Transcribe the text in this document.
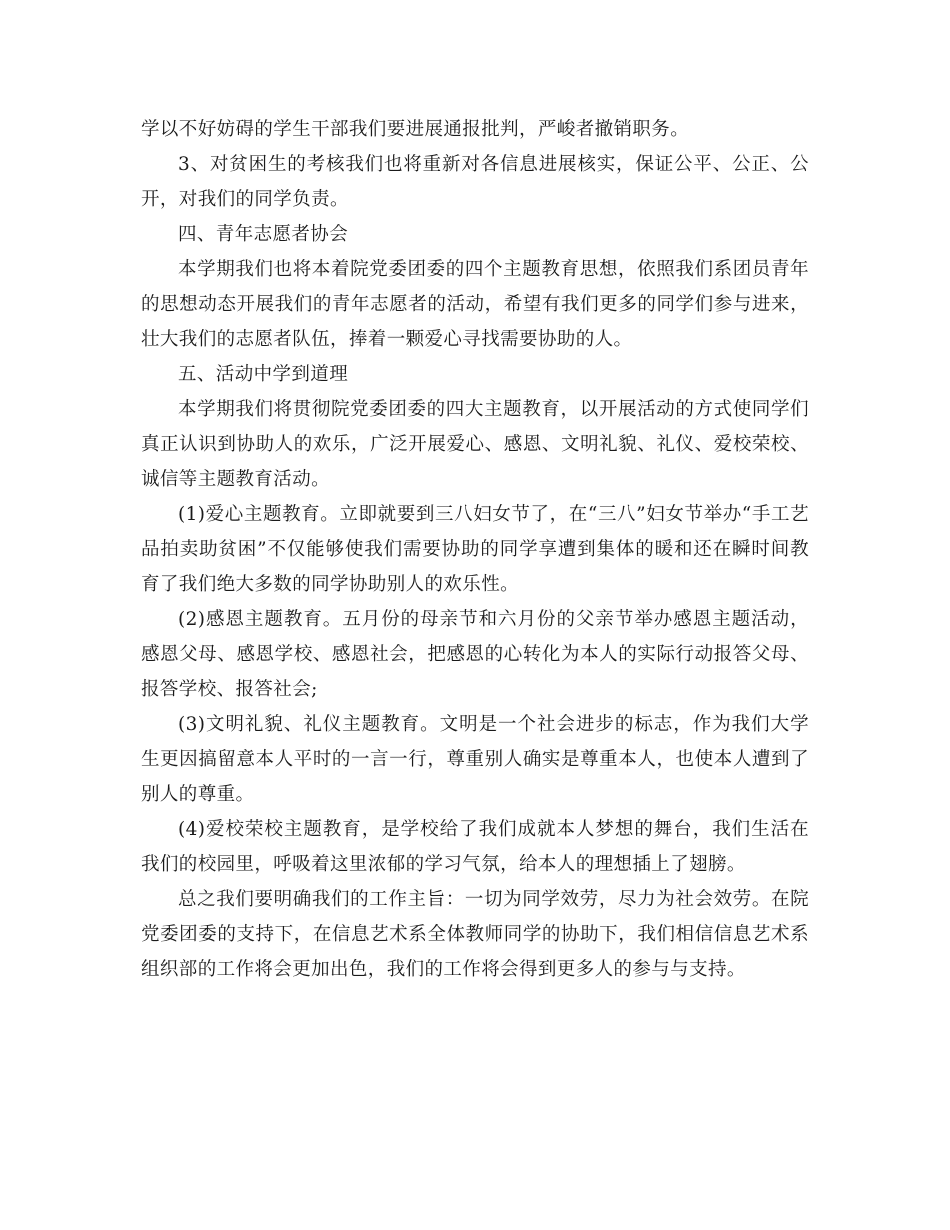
学以不好妨碍的学生干部我们要进展通报批判，严峻者撤销职务。

3、对贫困生的考核我们也将重新对各信息进展核实，保证公平、公正、公开，对我们的同学负责。

四、青年志愿者协会

本学期我们也将本着院党委团委的四个主题教育思想，依照我们系团员青年的思想动态开展我们的青年志愿者的活动，希望有我们更多的同学们参与进来，壮大我们的志愿者队伍，捧着一颗爱心寻找需要协助的人。

五、活动中学到道理

本学期我们将贯彻院党委团委的四大主题教育，以开展活动的方式使同学们真正认识到协助人的欢乐，广泛开展爱心、感恩、文明礼貌、礼仪、爱校荣校、诚信等主题教育活动。

(1)爱心主题教育。立即就要到三八妇女节了，在“三八”妇女节举办“手工艺品拍卖助贫困”不仅能够使我们需要协助的同学享遭到集体的暖和还在瞬时间教育了我们绝大多数的同学协助别人的欢乐性。

(2)感恩主题教育。五月份的母亲节和六月份的父亲节举办感恩主题活动，感恩父母、感恩学校、感恩社会，把感恩的心转化为本人的实际行动报答父母、报答学校、报答社会;

(3)文明礼貌、礼仪主题教育。文明是一个社会进步的标志，作为我们大学生更因搞留意本人平时的一言一行，尊重别人确实是尊重本人，也使本人遭到了别人的尊重。

(4)爱校荣校主题教育，是学校给了我们成就本人梦想的舞台，我们生活在我们的校园里，呼吸着这里浓郁的学习气氛，给本人的理想插上了翅膀。

总之我们要明确我们的工作主旨：一切为同学效劳，尽力为社会效劳。在院党委团委的支持下，在信息艺术系全体教师同学的协助下，我们相信信息艺术系组织部的工作将会更加出色，我们的工作将会得到更多人的参与与支持。
